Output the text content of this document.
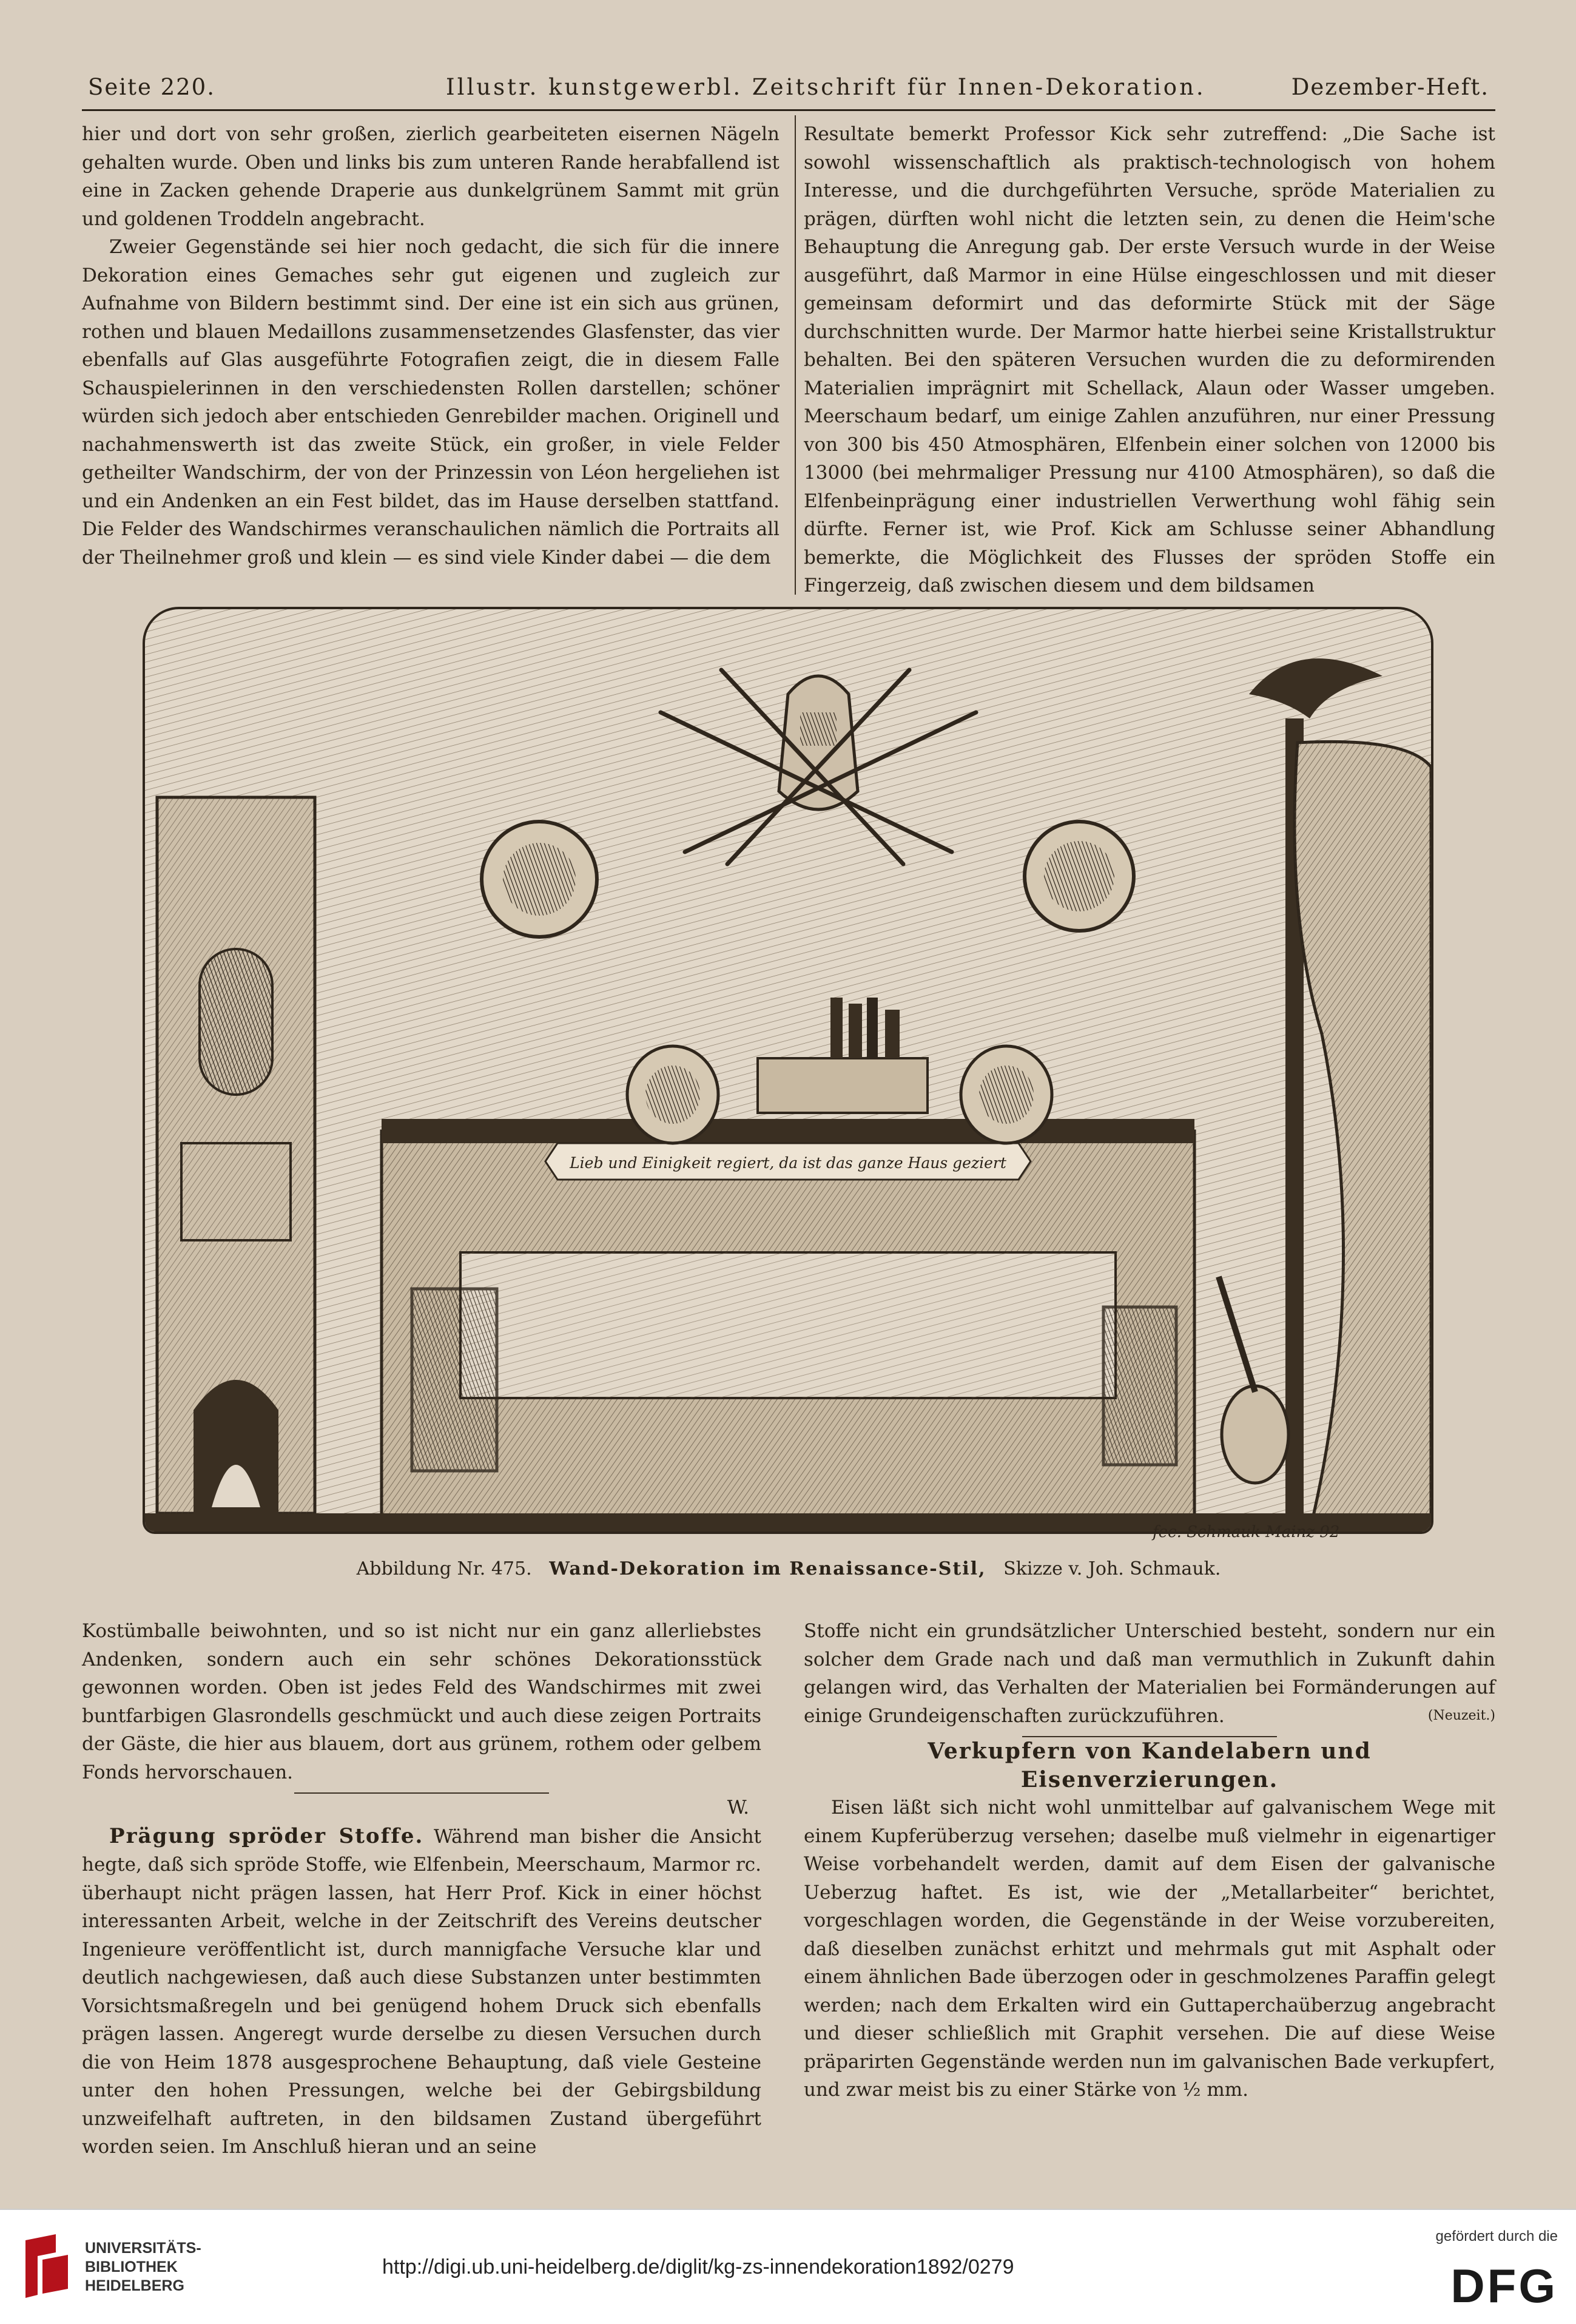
Seite 220.	Illustr. kunstgewerbl. Zeitschrift für Innen-Dekoration.	Dezember-Heft.

hier und dort von sehr großen, zierlich gearbeiteten eisernen Nägeln gehalten wurde. Oben und links bis zum unteren Rande herabfallend ist eine in Zacken gehende Draperie aus dunkelgrünem Sammt mit grün und goldenen Troddeln angebracht.

Zweier Gegenstände sei hier noch gedacht, die sich für die innere Dekoration eines Gemaches sehr gut eigenen und zugleich zur Aufnahme von Bildern bestimmt sind. Der eine ist ein sich aus grünen, rothen und blauen Medaillons zusammensetzendes Glasfenster, das vier ebenfalls auf Glas ausgeführte Fotografien zeigt, die in diesem Falle Schauspielerinnen in den verschiedensten Rollen darstellen; schöner würden sich jedoch aber entschieden Genrebilder machen. Originell und nachahmenswerth ist das zweite Stück, ein großer, in viele Felder getheilter Wandschirm, der von der Prinzessin von Léon hergeliehen ist und ein Andenken an ein Fest bildet, das im Hause derselben stattfand. Die Felder des Wandschirmes veranschaulichen nämlich die Portraits all der Theilnehmer groß und klein — es sind viele Kinder dabei — die dem

Resultate bemerkt Professor Kick sehr zutreffend: „Die Sache ist sowohl wissenschaftlich als praktisch-technologisch von hohem Interesse, und die durchgeführten Versuche, spröde Materialien zu prägen, dürften wohl nicht die letzten sein, zu denen die Heim'sche Behauptung die Anregung gab. Der erste Versuch wurde in der Weise ausgeführt, daß Marmor in eine Hülse eingeschlossen und mit dieser gemeinsam deformirt und das deformirte Stück mit der Säge durchschnitten wurde. Der Marmor hatte hierbei seine Kristallstruktur behalten. Bei den späteren Versuchen wurden die zu deformirenden Materialien imprägnirt mit Schellack, Alaun oder Wasser umgeben. Meerschaum bedarf, um einige Zahlen anzuführen, nur einer Pressung von 300 bis 450 Atmosphären, Elfenbein einer solchen von 12000 bis 13000 (bei mehrmaliger Pressung nur 4100 Atmosphären), so daß die Elfenbeinprägung einer industriellen Verwerthung wohl fähig sein dürfte. Ferner ist, wie Prof. Kick am Schlusse seiner Abhandlung bemerkte, die Möglichkeit des Flusses der spröden Stoffe ein Fingerzeig, daß zwischen diesem und dem bildsamen

Lieb und Einigkeit regiert, da ist das ganze Haus geziert
fec. Schmauk Mainz 92
Abbildung Nr. 475. Wand-Dekoration im Renaissance-Stil, Skizze v. Joh. Schmauk.

Kostümballe beiwohnten, und so ist nicht nur ein ganz allerliebstes Andenken, sondern auch ein sehr schönes Dekorationsstück gewonnen worden. Oben ist jedes Feld des Wandschirmes mit zwei buntfarbigen Glasrondells geschmückt und auch diese zeigen Portraits der Gäste, die hier aus blauem, dort aus grünem, rothem oder gelbem Fonds hervorschauen.

W.

Prägung spröder Stoffe. Während man bisher die Ansicht hegte, daß sich spröde Stoffe, wie Elfenbein, Meerschaum, Marmor rc. überhaupt nicht prägen lassen, hat Herr Prof. Kick in einer höchst interessanten Arbeit, welche in der Zeitschrift des Vereins deutscher Ingenieure veröffentlicht ist, durch mannigfache Versuche klar und deutlich nachgewiesen, daß auch diese Substanzen unter bestimmten Vorsichtsmaßregeln und bei genügend hohem Druck sich ebenfalls prägen lassen. Angeregt wurde derselbe zu diesen Versuchen durch die von Heim 1878 ausgesprochene Behauptung, daß viele Gesteine unter den hohen Pressungen, welche bei der Gebirgsbildung unzweifelhaft auftreten, in den bildsamen Zustand übergeführt worden seien. Im Anschluß hieran und an seine

Stoffe nicht ein grundsätzlicher Unterschied besteht, sondern nur ein solcher dem Grade nach und daß man vermuthlich in Zukunft dahin gelangen wird, das Verhalten der Materialien bei Formänderungen auf einige Grundeigenschaften zurückzuführen.	(Neuzeit.)

Verkupfern von Kandelabern und Eisenverzierungen.

Eisen läßt sich nicht wohl unmittelbar auf galvanischem Wege mit einem Kupferüberzug versehen; daselbe muß vielmehr in eigenartiger Weise vorbehandelt werden, damit auf dem Eisen der galvanische Ueberzug haftet. Es ist, wie der „Metallarbeiter“ berichtet, vorgeschlagen worden, die Gegenstände in der Weise vorzubereiten, daß dieselben zunächst erhitzt und mehrmals gut mit Asphalt oder einem ähnlichen Bade überzogen oder in geschmolzenes Paraffin gelegt werden; nach dem Erkalten wird ein Guttaperchaüberzug angebracht und dieser schließlich mit Graphit versehen. Die auf diese Weise präparirten Gegenstände werden nun im galvanischen Bade verkupfert, und zwar meist bis zu einer Stärke von ½ mm.

UNIVERSITÄTS-
BIBLIOTHEK
HEIDELBERG
http://digi.ub.uni-heidelberg.de/diglit/kg-zs-innendekoration1892/0279
gefördert durch die
DFG
